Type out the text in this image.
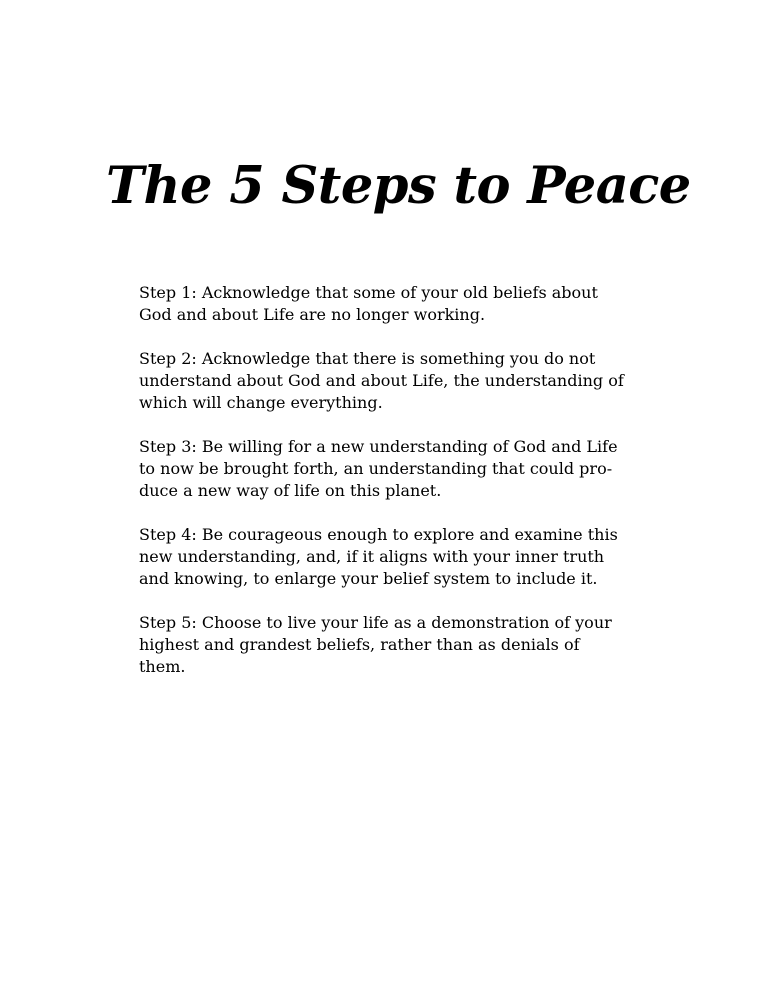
The 5 Steps to Peace
Step 1: Acknowledge that some of your old beliefs about
God and about Life are no longer working.
Step 2: Acknowledge that there is something you do not
understand about God and about Life, the understanding of
which will change everything.
Step 3: Be willing for a new understanding of God and Life
to now be brought forth, an understanding that could pro-
duce a new way of life on this planet.
Step 4: Be courageous enough to explore and examine this
new understanding, and, if it aligns with your inner truth
and knowing, to enlarge your belief system to include it.
Step 5: Choose to live your life as a demonstration of your
highest and grandest beliefs, rather than as denials of
them.
